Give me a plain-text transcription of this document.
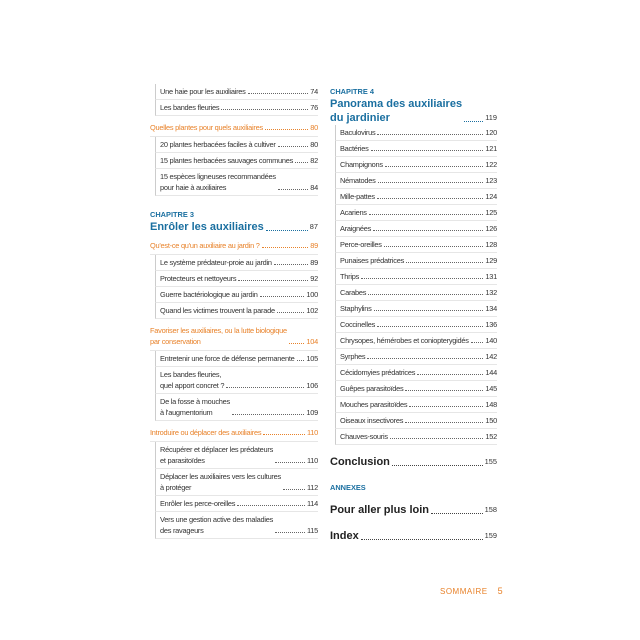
Une haie pour les auxiliaires	74
Les bandes fleuries	76
Quelles plantes pour quels auxiliaires	80
20 plantes herbacées faciles à cultiver	80
15 plantes herbacées sauvages communes 82
15 espèces ligneuses recommandées
pour haie à auxiliaires	84
CHAPITRE 3
Enrôler les auxiliaires	87
Qu'est-ce qu'un auxiliaire au jardin ?	89
Le système prédateur-proie au jardin	89
Protecteurs et nettoyeurs	92
Guerre bactériologique au jardin	100
Quand les victimes trouvent la parade	102
Favoriser les auxiliaires, ou la lutte biologique
par conservation	104
Entretenir une force de défense permanente 105
Les bandes fleuries,
quel apport concret ?	106
De la fosse à mouches
à l'augmentorium	109
Introduire ou déplacer des auxiliaires	110
Récupérer et déplacer les prédateurs
et parasitoïdes	110
Déplacer les auxiliaires vers les cultures
à protéger	112
Enrôler les perce-oreilles	114
Vers une gestion active des maladies
des ravageurs	115
CHAPITRE 4
Panorama des auxiliaires
du jardinier	119
Baculovirus	120
Bactéries	121
Champignons	122
Nématodes	123
Mille-pattes	124
Acariens	125
Araignées	126
Perce-oreilles	128
Punaises prédatrices	129
Thrips	131
Carabes	132
Staphylins	134
Coccinelles	136
Chrysopes, hémérobes et coniopterygidés 140
Syrphes	142
Cécidomyies prédatrices	144
Guêpes parasitoïdes	145
Mouches parasitoïdes	148
Oiseaux insectivores	150
Chauves-souris	152
Conclusion	155
ANNEXES
Pour aller plus loin	158
Index	159
SOMMAIRE 5
